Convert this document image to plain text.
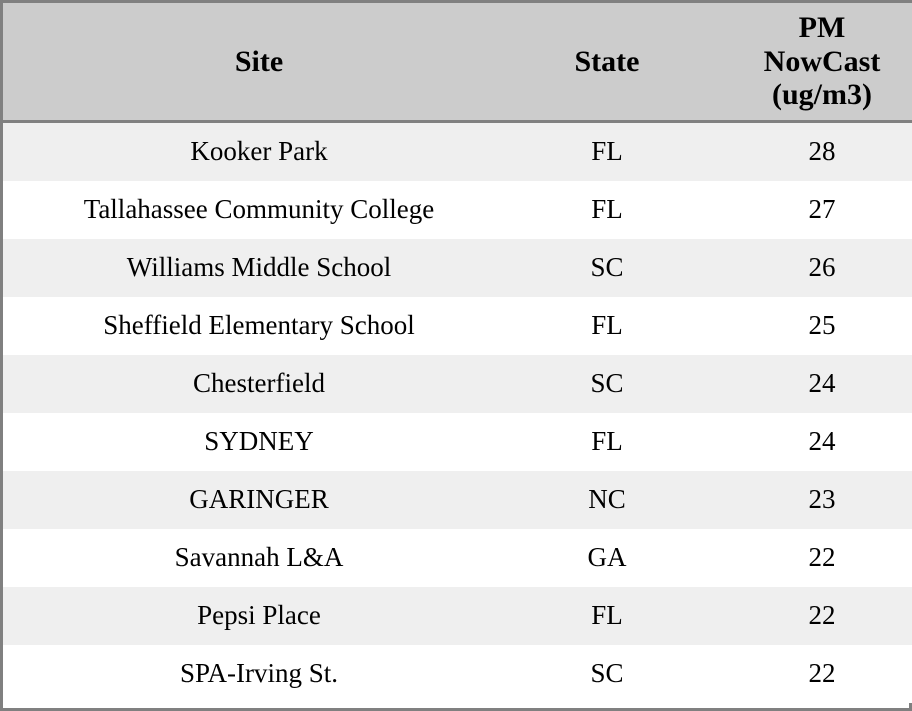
Site	State	PM
NowCast
(ug/m3)

Kooker Park	FL	28
Tallahassee Community College	FL	27
Williams Middle School	SC	26
Sheffield Elementary School	FL	25
Chesterfield	SC	24
SYDNEY	FL	24
GARINGER	NC	23
Savannah L&A	GA	22
Pepsi Place	FL	22
SPA-Irving St.	SC	22
